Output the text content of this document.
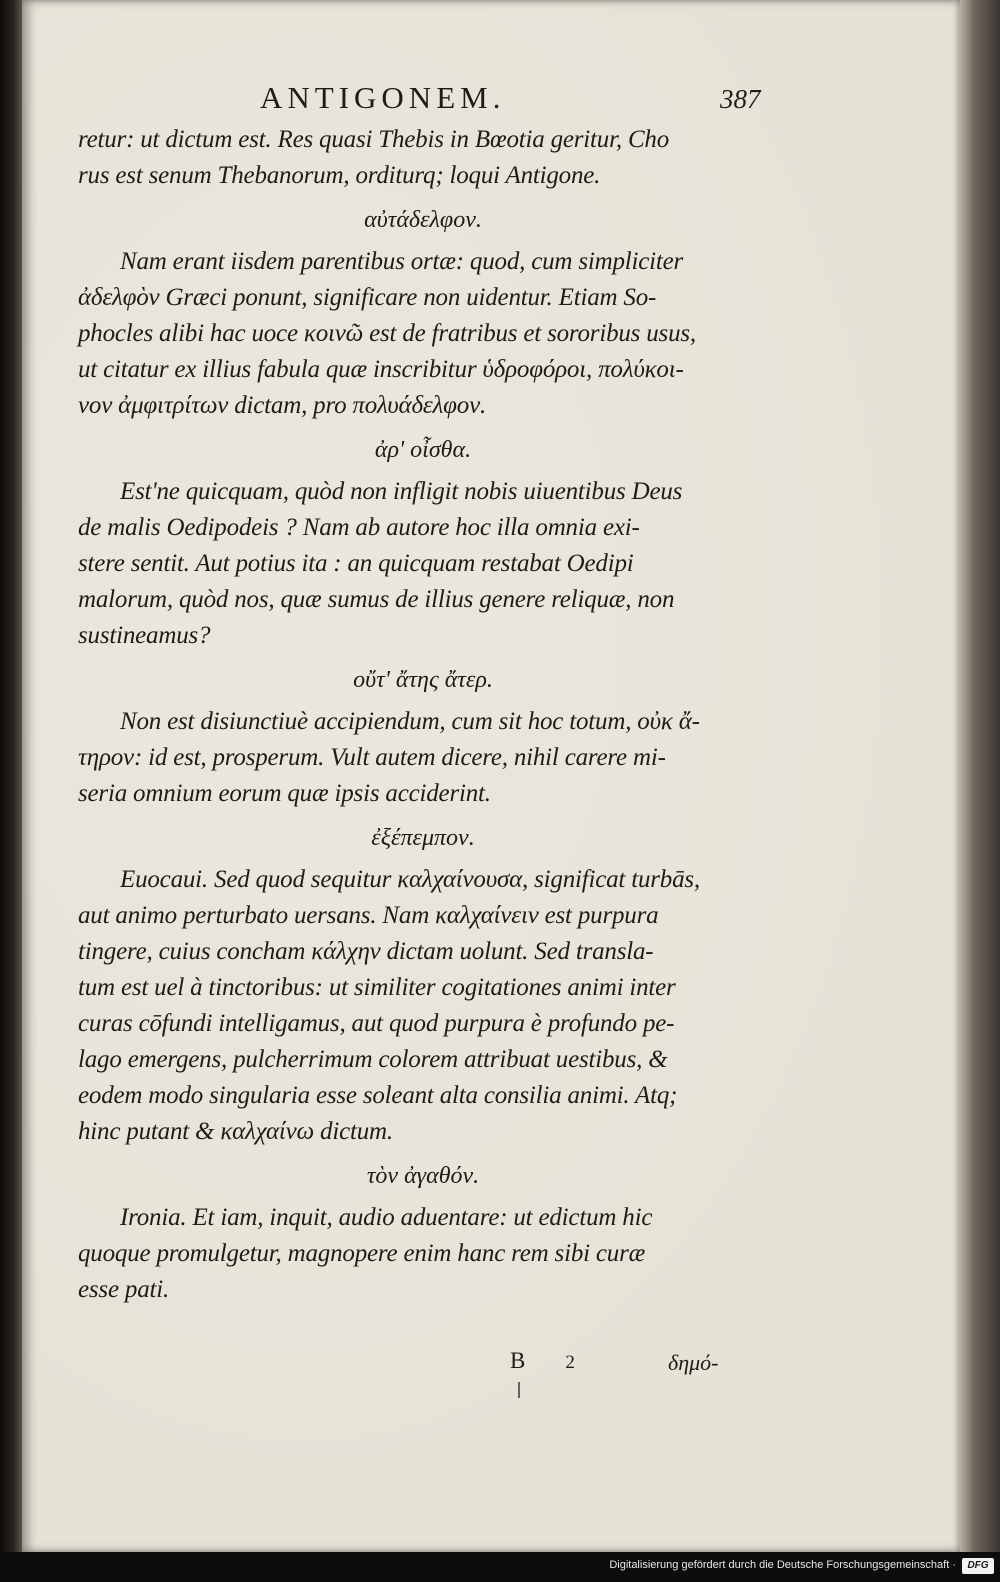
ANTIGONEM.	387
retur: ut dictum est. Res quasi Thebis in Bœotia geritur, Cho
rus est senum Thebanorum, orditurq; loqui Antigone.
αὐτάδελφον.
Nam erant iisdem parentibus ortæ: quod, cum simpliciter
ἀδελφὸν Græci ponunt, significare non uidentur. Etiam So-
phocles alibi hac uoce κοινῶ est de fratribus et sororibus usus,
ut citatur ex illius fabula quæ inscribitur ὑδροφόροι, πολύκοι-
νον ἀμφιτρίτων dictam, pro πολυάδελφον.
ἀρ' οἶσθα.
Est'ne quicquam, quòd non infligit nobis uiuentibus Deus
de malis Oedipodeis ? Nam ab autore hoc illa omnia exi-
stere sentit. Aut potius ita : an quicquam restabat Oedipi
malorum, quòd nos, quæ sumus de illius genere reliquæ, non
sustineamus?
οὔτ' ἄτης ἄτερ.
Non est disiunctiuè accipiendum, cum sit hoc totum, οὐκ ἄ-
τηρον: id est, prosperum. Vult autem dicere, nihil carere mi-
seria omnium eorum quæ ipsis acciderint.
ἐξέπεμπον.
Euocaui. Sed quod sequitur καλχαίνουσα, significat turbās,
aut animo perturbato uersans. Nam καλχαίνειν est purpura
tingere, cuius concham κάλχην dictam uolunt. Sed transla-
tum est uel à tinctoribus: ut similiter cogitationes animi inter
curas cōfundi intelligamus, aut quod purpura è profundo pe-
lago emergens, pulcherrimum colorem attribuat uestibus, &
eodem modo singularia esse soleant alta consilia animi. Atq;
hinc putant & καλχαίνω dictum.
τὸν ἀγαθόν.
Ironia. Et iam, inquit, audio aduentare: ut edictum hic
quoque promulgetur, magnopere enim hanc rem sibi curæ
esse pati.
B 2	δημό-
Digitalisierung gefördert durch die Deutsche Forschungsgemeinschaft ·	DFG
